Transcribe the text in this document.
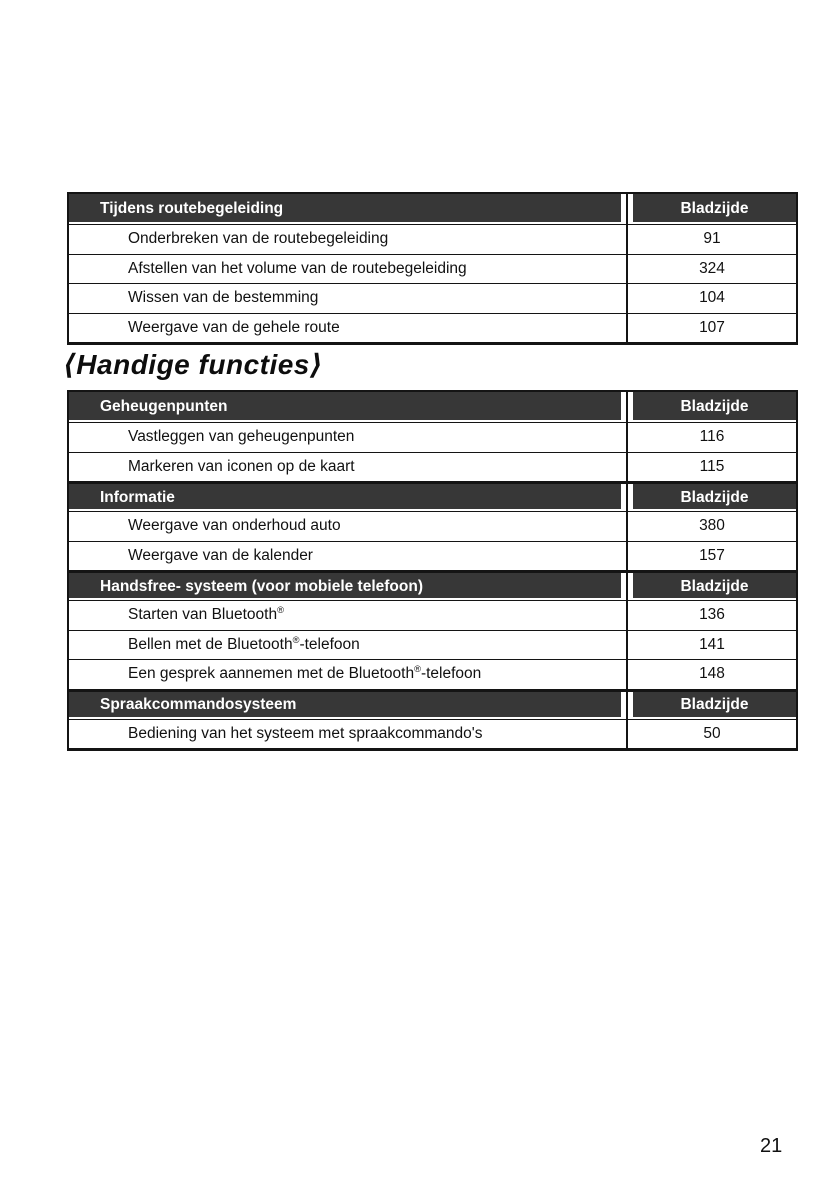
Tijdens routebegeleiding	Bladzijde
Onderbreken van de routebegeleiding	91
Afstellen van het volume van de routebegeleiding	324
Wissen van de bestemming	104
Weergave van de gehele route	107
⟨Handige functies⟩
Geheugenpunten	Bladzijde
Vastleggen van geheugenpunten	116
Markeren van iconen op de kaart	115
Informatie	Bladzijde
Weergave van onderhoud auto	380
Weergave van de kalender	157
Handsfree- systeem (voor mobiele telefoon)	Bladzijde
Starten van Bluetooth®	136
Bellen met de Bluetooth®-telefoon	141
Een gesprek aannemen met de Bluetooth®-telefoon	148
Spraakcommandosysteem	Bladzijde
Bediening van het systeem met spraakcommando's	50
21
